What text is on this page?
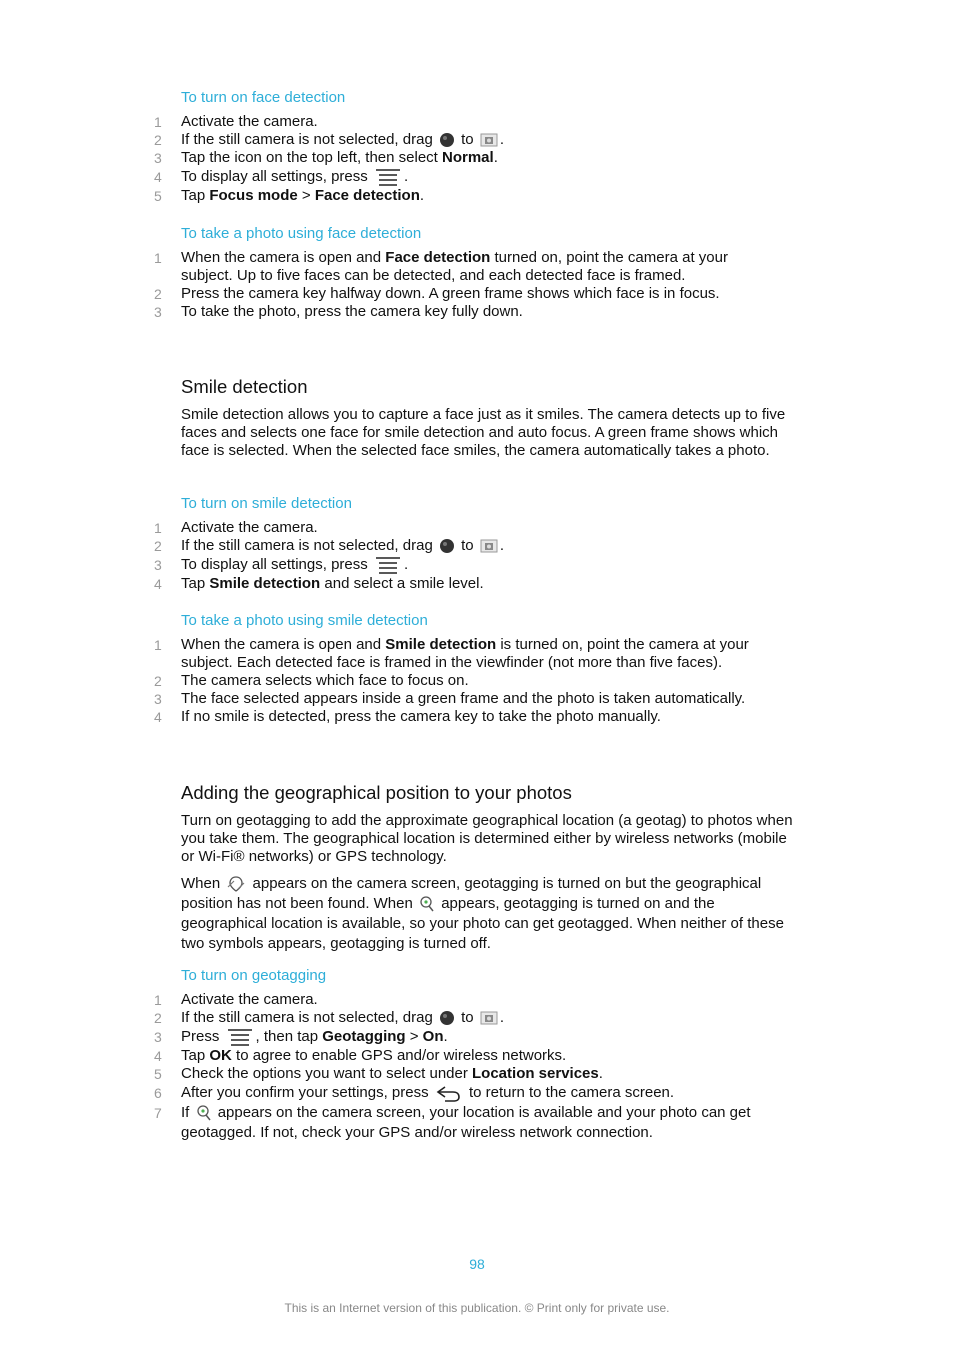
To turn on face detection
1 Activate the camera.
2 If the still camera is not selected, drag to .
3 Tap the icon on the top left, then select Normal.
4 To display all settings, press .
5 Tap Focus mode > Face detection.
To take a photo using face detection
1 When the camera is open and Face detection turned on, point the camera at your subject. Up to five faces can be detected, and each detected face is framed.
2 Press the camera key halfway down. A green frame shows which face is in focus.
3 To take the photo, press the camera key fully down.
Smile detection

Smile detection allows you to capture a face just as it smiles. The camera detects up to five faces and selects one face for smile detection and auto focus. A green frame shows which face is selected. When the selected face smiles, the camera automatically takes a photo.

To turn on smile detection
1 Activate the camera.
2 If the still camera is not selected, drag to .
3 To display all settings, press .
4 Tap Smile detection and select a smile level.
To take a photo using smile detection
1 When the camera is open and Smile detection is turned on, point the camera at your subject. Each detected face is framed in the viewfinder (not more than five faces).
2 The camera selects which face to focus on.
3 The face selected appears inside a green frame and the photo is taken automatically.
4 If no smile is detected, press the camera key to take the photo manually.
Adding the geographical position to your photos

Turn on geotagging to add the approximate geographical location (a geotag) to photos when you take them. The geographical location is determined either by wireless networks (mobile or Wi-Fi® networks) or GPS technology.

When appears on the camera screen, geotagging is turned on but the geographical position has not been found. When appears, geotagging is turned on and the geographical location is available, so your photo can get geotagged. When neither of these two symbols appears, geotagging is turned off.

To turn on geotagging
1 Activate the camera.
2 If the still camera is not selected, drag to .
3 Press , then tap Geotagging > On.
4 Tap OK to agree to enable GPS and/or wireless networks.
5 Check the options you want to select under Location services.
6 After you confirm your settings, press	to return to the camera screen.
7 If appears on the camera screen, your location is available and your photo can get geotagged. If not, check your GPS and/or wireless network connection.
98
This is an Internet version of this publication. © Print only for private use.
